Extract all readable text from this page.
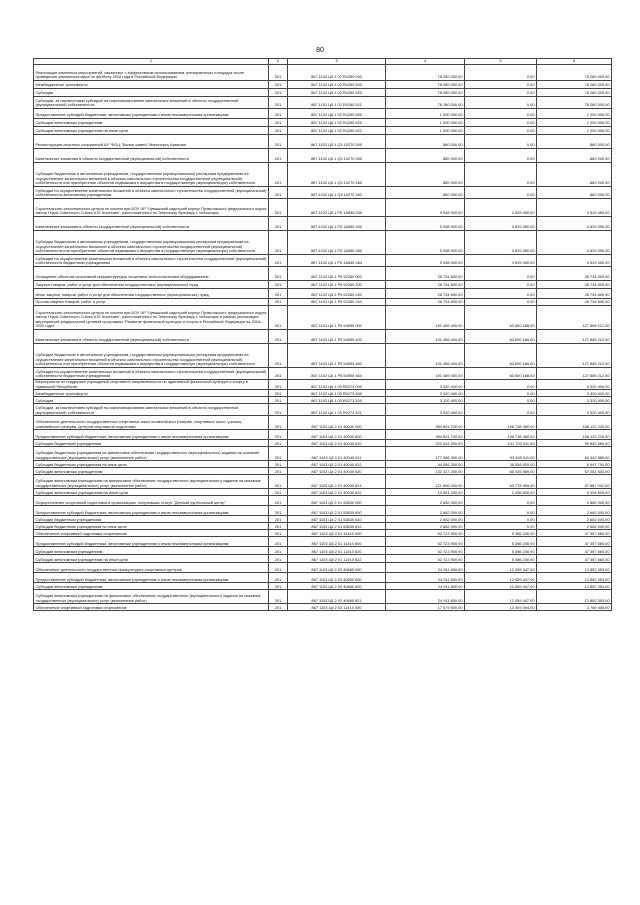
80
1	2	3	4	5	6
Реализация комплекса мероприятий, связанных с эффективным использованием тренировочных площадок после проведения чемпионата мира по футболу 2018 года в Российской Федерации	201	867 1102 Ц5 1 02 R4260 000	78 280 000,00	0,00	78 280 000,00
Межбюджетные трансферты	201	867 1102 Ц5 1 02 R4260 500	78 280 000,00	0,00	78 280 000,00
Субсидии	201	867 1102 Ц5 1 02 R4260 520	78 280 000,00	0,00	78 280 000,00
Субсидии, за исключением субсидий на софинансирование капитальных вложений в объекты государственной (муниципальной) собственности	201	867 1102 Ц5 1 02 R4260 521	78 280 000,00	0,00	78 280 000,00
Предоставление субсидий бюджетным, автономным учреждениям и иным некоммерческим организациям	201	867 1102 Ц5 1 02 R4260 600	1 000 000,00	0,00	1 000 000,00
Субсидии автономным учреждениям	201	867 1102 Ц5 1 02 R4260 620	1 000 000,00	0,00	1 000 000,00
Субсидии автономным учреждениям на иные цели	201	867 1102 Ц5 1 02 R4260 622	1 000 000,00	0,00	1 000 000,00
Реконструкция очистных сооружений АУ "ФОЦ "Белые камни" Минспорта Чувашии	201	867 1102 Ц5 1 Q3 10270 000	880 000,00	0,00	880 000,00
Капитальные вложения в объекты государственной (муниципальной) собственности	201	867 1102 Ц5 1 Q3 10270 400	880 000,00	0,00	880 000,00
Субсидии бюджетным и автономным учреждениям, государственным (муниципальным) унитарным предприятиям на осуществление капитальных вложений в объекты капитального строительства государственной (муниципальной) собственности или приобретение объектов недвижимого имущества в государственную (муниципальную) собственность	201	867 1102 Ц5 1 Q3 10270 460	880 000,00	0,00	880 000,00
Субсидии на осуществление капитальных вложений в объекты капитального строительства государственной (муниципальной) собственности автономным учреждениям	201	867 1102 Ц5 1 Q3 10270 462	880 000,00	0,00	880 000,00
Строительство регионального центра по хоккею при БОУ ЧР "Чувашский кадетский корпус Приволжского федерального округа имени Героя Советского Союза А.В. Кочетова", расположенного по Эгерскому бульвару г. Чебоксары	201	867 1102 Ц5 1 P5 1А655 000	9 058 900,00	4 529 450,00	4 529 450,00
Капитальные вложения в объекты государственной (муниципальной) собственности	201	867 1102 Ц5 1 P5 1А655 400	9 058 900,00	4 529 450,00	4 529 450,00
Субсидии бюджетным и автономным учреждениям, государственным (муниципальным) унитарным предприятиям на осуществление капитальных вложений в объекты капитального строительства государственной (муниципальной) собственности или приобретение объектов недвижимого имущества в государственную (муниципальную) собственность	201	867 1102 Ц5 1 P5 1А655 460	9 058 900,00	4 529 450,00	4 529 450,00
Субсидии на осуществление капитальных вложений в объекты капитального строительства государственной (муниципальной) собственности бюджетным учреждениям	201	867 1102 Ц5 1 P5 1А655 464	9 058 900,00	4 529 450,00	4 529 450,00
Оснащение объектов спортивной инфраструктуры спортивно-технологическим оборудованием	201	867 1102 Ц5 1 P5 52280 000	26 734 600,00	0,00	26 734 600,00
Закупка товаров, работ и услуг для обеспечения государственных (муниципальных) нужд	201	867 1102 Ц5 1 P5 52280 200	26 734 600,00	0,00	26 734 600,00
Иные закупки товаров, работ и услуг для обеспечения государственных (муниципальных) нужд	201	867 1102 Ц5 1 P5 52280 240	26 734 600,00	0,00	26 734 600,00
Прочая закупка товаров, работ и услуг	201	867 1102 Ц5 1 P5 52280 244	26 734 600,00	0,00	26 734 600,00
Строительство регионального центра по хоккею при БОУ ЧР "Чувашский кадетский корпус Приволжского федерального округа имени Героя Советского Союза А.В. Кочетова", расположенного по Эгерскому бульвару г. Чебоксары в рамках реализации мероприятий федеральной целевой программы "Развитие физической культуры и спорта в Российской Федерации на 2016–2020 годы"	201	867 1102 Ц5 1 P5 54955 000	191 489 400,00	63 600 188,00	127 889 212,00
Капитальные вложения в объекты государственной (муниципальной) собственности	201	867 1102 Ц5 1 P5 54955 400	191 489 400,00	63 600 188,00	127 889 212,00
Субсидии бюджетным и автономным учреждениям, государственным (муниципальным) унитарным предприятиям на осуществление капитальных вложений в объекты капитального строительства государственной (муниципальной) собственности или приобретение объектов недвижимого имущества в государственную (муниципальную) собственность	201	867 1102 Ц5 1 P5 54955 460	191 489 400,00	63 600 188,00	127 889 212,00
Субсидии на осуществление капитальных вложений в объекты капитального строительства государственной (муниципальной) собственности бюджетным учреждениям	201	867 1102 Ц5 1 P5 54955 464	191 489 400,00	63 600 188,00	127 889 212,00
Мероприятия по поддержке учреждений спортивной направленности по адаптивной физической культуре и спорту в Чувашской Республике	201	867 1102 Ц6 1 03 R0273 000	3 320 400,00	0,00	3 320 400,00
Межбюджетные трансферты	201	867 1102 Ц6 1 03 R0273 500	3 320 400,00	0,00	3 320 400,00
Субсидии	201	867 1102 Ц6 1 03 R0273 520	3 320 400,00	0,00	3 320 400,00
Субсидии, за исключением субсидий на софинансирование капитальных вложений в объекты государственной (муниципальной) собственности	201	867 1102 Ц6 1 03 R0273 521	3 320 400,00	0,00	3 320 400,00
Обеспечение деятельности государственных спортивных школ олимпийского резерва, спортивных школ, училищ олимпийского резерва, центров спортивной подготовки	201	867 1103 Ц5 2 01 40040 000	354 801 700,00	196 738 480,00	158 122 220,00
Предоставление субсидий бюджетным, автономным учреждениям и иным некоммерческим организациям	201	867 1103 Ц5 2 01 40040 600	354 801 700,00	196 738 480,00	158 122 220,00
Субсидии бюджетным учреждениям	201	867 1103 Ц5 2 01 40040 610	222 544 500,00	131 703 911,00	90 840 589,00
Субсидии бюджетным учреждениям на финансовое обеспечение государственного (муниципального) задания на оказание государственных (муниципальных) услуг (выполнение работ)	201	867 1103 Ц5 2 01 40040 611	177 988 300,00	93 645 411,00	84 342 889,00
Субсидии бюджетным учреждениям на иные цели	201	867 1103 Ц5 2 01 40040 612	44 556 200,00	38 058 500,00	6 497 700,00
Субсидии автономным учреждениям	201	867 1103 Ц5 2 01 40040 620	132 317 200,00	65 035 569,00	67 281 631,00
Субсидии автономным учреждениям на финансовое обеспечение государственного (муниципального) задания на оказание государственных (муниципальных) услуг (выполнение работ)	201	867 1103 Ц5 2 01 40040 621	121 666 000,00	63 778 969,00	57 887 031,00
Субсидии автономным учреждениям на иные цели	201	867 1103 Ц5 2 01 40040 622	10 651 200,00	1 256 600,00	9 394 600,00
Осуществление спортивной подготовки в организациях, получивших статус "Детский футбольный центр"	201	867 1103 Ц5 2 01 53830 000	2 682 000,00	0,00	2 682 000,00
Предоставление субсидий бюджетным, автономным учреждениям и иным некоммерческим организациям	201	867 1103 Ц5 2 01 53830 600	2 682 000,00	0,00	2 682 000,00
Субсидии бюджетным учреждениям	201	867 1103 Ц5 2 01 53830 610	2 682 000,00	0,00	2 682 000,00
Субсидии бюджетным учреждениям на иные цели	201	867 1103 Ц5 2 01 53830 612	2 682 000,00	0,00	2 682 000,00
Обеспечение спортивной подготовки спортсменов	201	867 1103 Ц5 2 01 11410 000	52 723 900,00	5 366 240,00	47 357 660,00
Предоставление субсидий бюджетным, автономным учреждениям и иным некоммерческим организациям	201	867 1103 Ц5 2 01 11410 600	52 723 900,00	5 366 240,00	47 357 660,00
Субсидии автономным учреждениям	201	867 1103 Ц5 2 01 11410 620	52 723 900,00	5 366 240,00	47 357 660,00
Субсидии автономным учреждениям на иные цели	201	867 1103 Ц5 2 01 11410 622	52 723 900,00	5 366 240,00	47 357 660,00
Обеспечение деятельности государственных физкультурно-спортивных центров	201	867 1103 Ц5 2 02 40660 000	24 911 800,00	12 059 447,00	12 852 353,00
Предоставление субсидий бюджетным, автономным учреждениям и иным некоммерческим организациям	201	867 1103 Ц5 2 02 40660 600	24 911 800,00	12 059 447,00	12 852 353,00
Субсидии автономным учреждениям	201	867 1103 Ц5 2 02 40660 620	24 911 800,00	12 059 447,00	12 852 353,00
Субсидии автономным учреждениям на финансовое обеспечение государственного (муниципального) задания на оказание государственных (муниципальных) услуг (выполнение работ)	201	867 1103 Ц5 2 02 40660 621	24 911 800,00	12 059 447,00	12 852 353,00
Обеспечение спортивной подготовки спортсменов	201	867 1103 Ц5 2 02 11410 000	17 079 500,00	13 309 094,00	3 769 406,00
